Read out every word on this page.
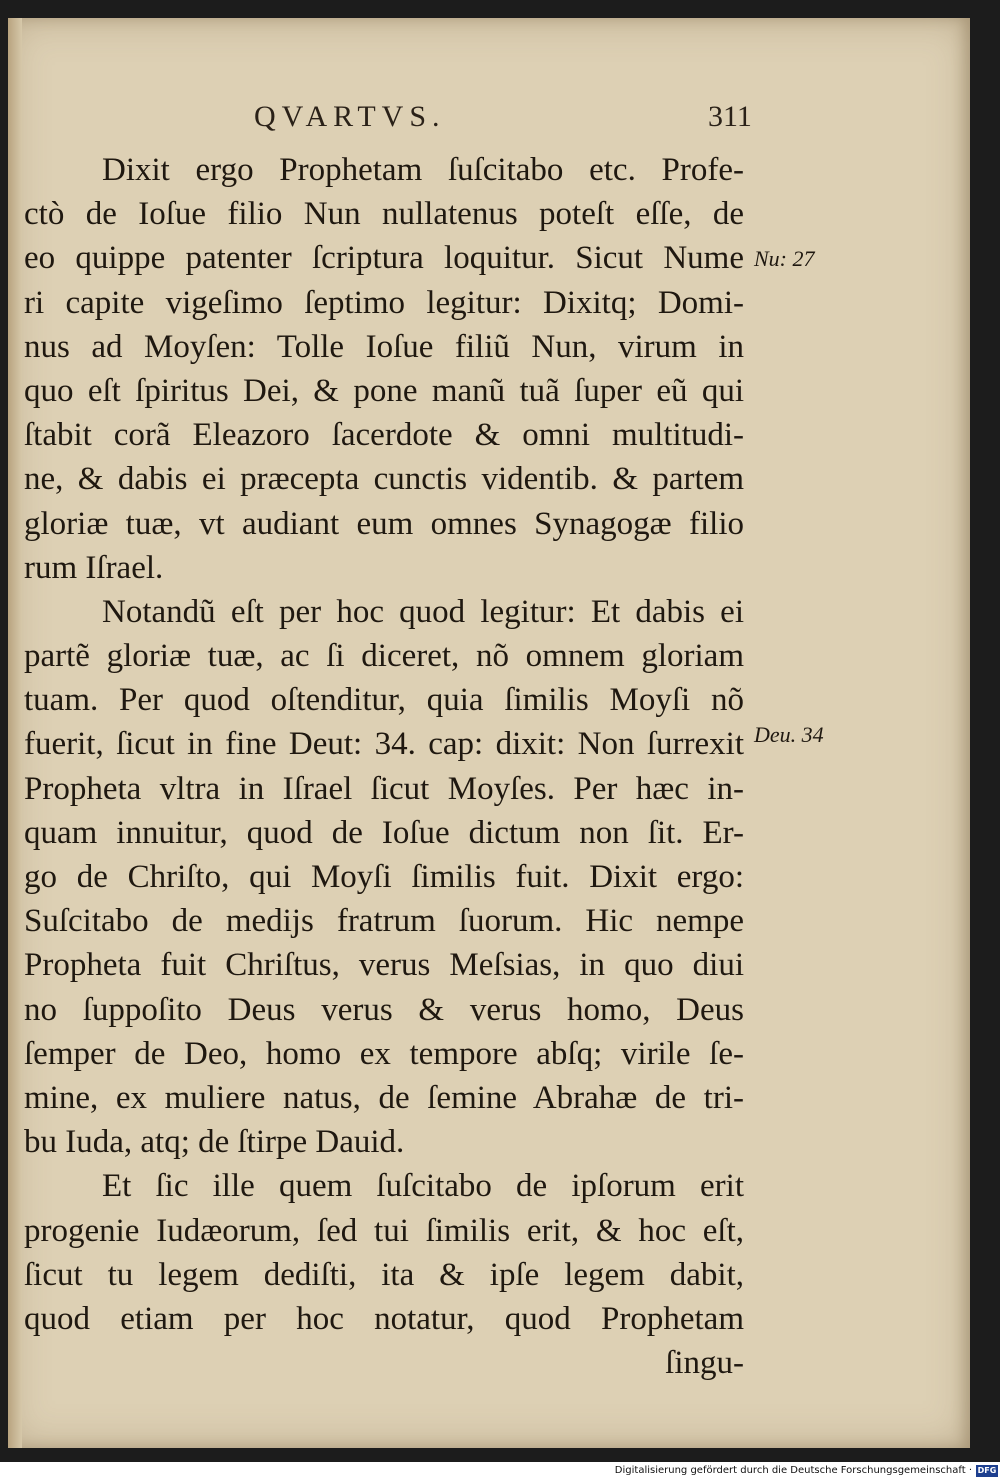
QVARTVS.	311
Dixit ergo Prophetam ſuſcitabo etc. Profe-
ctò de Ioſue filio Nun nullatenus poteſt eſſe, de
eo quippe patenter ſcriptura loquitur. Sicut Nume
ri capite vigeſimo ſeptimo legitur: Dixitq; Domi-
nus ad Moyſen: Tolle Ioſue filiũ Nun, virum in
quo eſt ſpiritus Dei, & pone manũ tuã ſuper eũ qui
ſtabit corã Eleazoro ſacerdote & omni multitudi-
ne, & dabis ei præcepta cunctis videntib. & partem
gloriæ tuæ, vt audiant eum omnes Synagogæ filio
rum Iſrael.
Notandũ eſt per hoc quod legitur: Et dabis ei
partẽ gloriæ tuæ, ac ſi diceret, nõ omnem gloriam
tuam. Per quod oſtenditur, quia ſimilis Moyſi nõ
fuerit, ſicut in fine Deut: 34. cap: dixit: Non ſurrexit
Propheta vltra in Iſrael ſicut Moyſes. Per hæc in-
quam innuitur, quod de Ioſue dictum non ſit. Er-
go de Chriſto, qui Moyſi ſimilis fuit. Dixit ergo:
Suſcitabo de medijs fratrum ſuorum. Hic nempe
Propheta fuit Chriſtus, verus Meſsias, in quo diui
no ſuppoſito Deus verus & verus homo, Deus
ſemper de Deo, homo ex tempore abſq; virile ſe-
mine, ex muliere natus, de ſemine Abrahæ de tri-
bu Iuda, atq; de ſtirpe Dauid.
Et ſic ille quem ſuſcitabo de ipſorum erit
progenie Iudæorum, ſed tui ſimilis erit, & hoc eſt,
ſicut tu legem dediſti, ita & ipſe legem dabit,
quod etiam per hoc notatur, quod Prophetam
ſingu-
Nu: 27
Deu. 34
Digitalisierung gefördert durch die Deutsche Forschungsgemeinschaft · DFG
